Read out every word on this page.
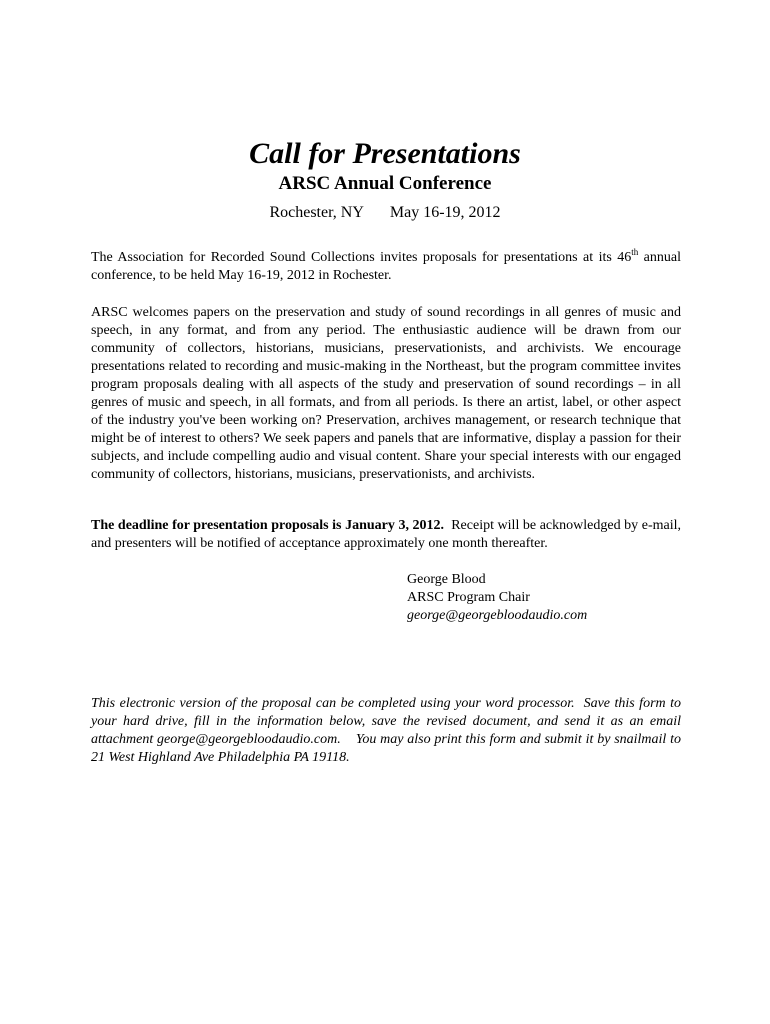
Call for Presentations
ARSC Annual Conference
Rochester, NY May 16-19, 2012

The Association for Recorded Sound Collections invites proposals for presentations at its 46th annual conference, to be held May 16-19, 2012 in Rochester.

ARSC welcomes papers on the preservation and study of sound recordings in all genres of music and speech, in any format, and from any period. The enthusiastic audience will be drawn from our community of collectors, historians, musicians, preservationists, and archivists. We encourage presentations related to recording and music-making in the Northeast, but the program committee invites program proposals dealing with all aspects of the study and preservation of sound recordings – in all genres of music and speech, in all formats, and from all periods. Is there an artist, label, or other aspect of the industry you've been working on? Preservation, archives management, or research technique that might be of interest to others? We seek papers and panels that are informative, display a passion for their subjects, and include compelling audio and visual content. Share your special interests with our engaged community of collectors, historians, musicians, preservationists, and archivists.

The deadline for presentation proposals is January 3, 2012.  Receipt will be acknowledged by e-mail, and presenters will be notified of acceptance approximately one month thereafter.

George Blood
ARSC Program Chair
george@georgebloodaudio.com

This electronic version of the proposal can be completed using your word processor.  Save this form to your hard drive, fill in the information below, save the revised document, and send it as an email attachment george@georgebloodaudio.com.    You may also print this form and submit it by snailmail to 21 West Highland Ave Philadelphia PA 19118.
